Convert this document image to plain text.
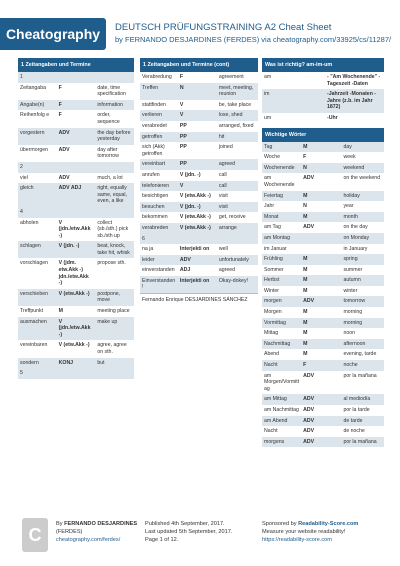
Cheatography	DEUTSCH PRÜFUNGSTRAINING A2 Cheat Sheet
by FERNANDO DESJARDINES (FERDES) via cheatography.com/33925/cs/11287/
1 Zeitangaben und Termine
1		
Zeitangaba	F	date, time specification
Angabe(n)	F	information
Reihenfolg e	F	order, sequence
vorgestern	ADV	the day before yesterday
übermorgen	ADV	day after tomorrow
2		
viel	ADV	much, a lot
gleich	ADV ADJ	right, equally same, equal, even, a like
4		
abholen	V (jdn./etw.Akk -)	collect (sb./sth.) pick sb./sth up
schlagen	V (jdn. -)	beat, knock, take hit, whisk
vorschlagen	V (jdm. etw.Akk -) jdn./etw.Akk -)	propose sth.
verschieben	V (etw.Akk -)	postpone, move
Treffpunkt	M	meeting place
ausmachen	V (jdn./etw.Akk -)	make up
vereinbaren	V (etw.Akk -)	agree, agree on sth.
sondern	KONJ	but
5		
1 Zeitangaben und Termine (cont)
Verabredung	F	agreement
Treffen	N	meet, meeting, reunion
stattfinden	V	be, take place
verlieren	V	lose, shed
verabredet	PP	arranged, fixed
getroffen	PP	hit
sich (Akk) getroffen	PP	joined
vereinbart	PP	agreed
anrufen	V (jdn. -)	call
telefonieren	V	call
besichtigen	V (etw.Akk -)	visit
besuchen	V (jdn. -)	visit
bekommen	V (etw.Akk -)	get, receive
verabreden	V (etw.Akk -)	arrange
6		
na ja	Interjekti on	well
leider	ADV	unfortunately
einverstanden	ADJ	agreed
Einverstanden!	Interjekti on	Okay-dokey!
Fernando Enrique DESJARDINES SÁNCHEZ
Was ist richtig? am-im-um
am	- "Am Wochenende" -Tageszeit -Daten
im	-Jahrzeit -Monaten -Jahre (z.b. im Jahr 1872)
um	-Uhr
Wichtige Wörter
Tag	M	day
Woche	F	week
Wochenende	N	weekend
am Wochenende	ADV	on the weekend
Feiertag	M	holiday
Jahr	N	year
Monat	M	month
am Tag	ADV	on the day
am Montag		on Monday
im Januar		in January
Frühling	M	spring
Sommer	M	summer
Herbst	M	autumn
Winter	M	winter
morgen	ADV	tomorrow
Morgen	M	morning
Vormittag	M	morning
Mittag	M	noon
Nachmittag	M	afternoon
Abend	M	evening, tarde
Nacht	F	noche
am Morgen/Vormittag	ADV	por la mañana
am Mittag	ADV	al mediodía
am Nachmittag	ADV	por la tarde
am Abend	ADV	de tarde
Nacht	ADV	de noche
morgens	ADV	por la mañana
C
By FERNANDO DESJARDINES
(FERDES)
cheatography.com/ferdes/
Published 4th September, 2017.
Last updated 5th September, 2017.
Page 1 of 12.
Sponsored by Readability-Score.com
Measure your website readability!
https://readability-score.com
